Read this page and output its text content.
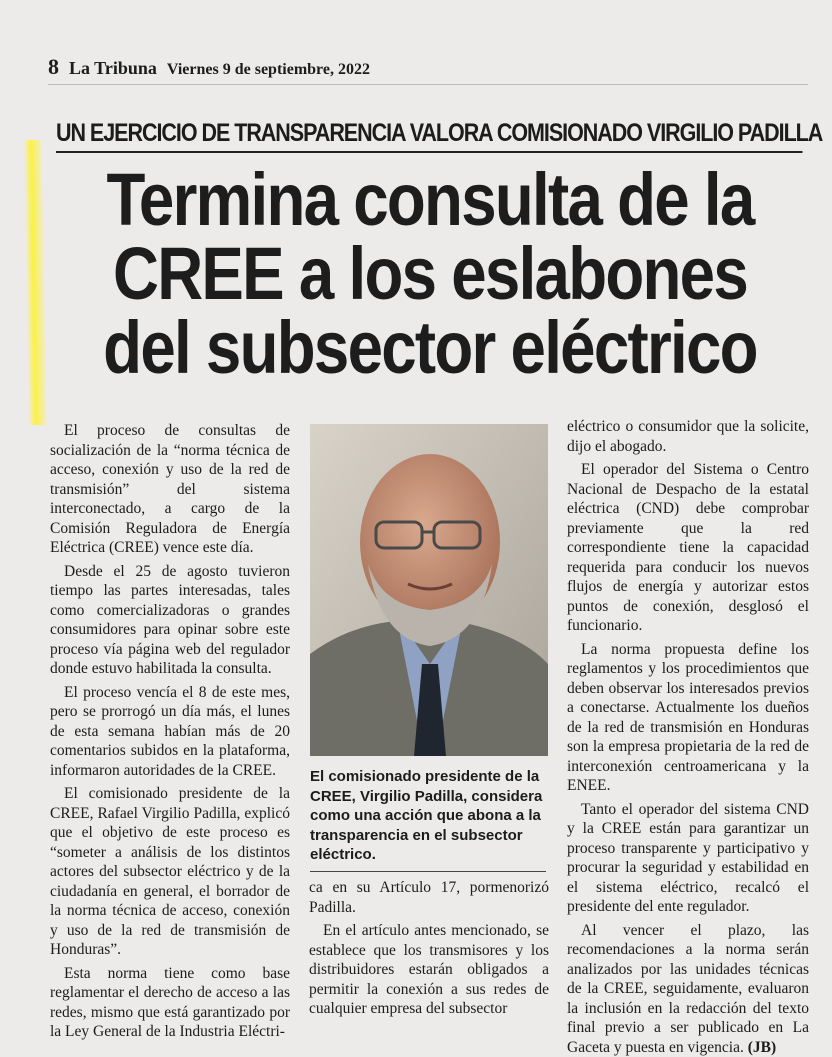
8 La Tribuna Viernes 9 de septiembre, 2022
UN EJERCICIO DE TRANSPARENCIA VALORA COMISIONADO VIRGILIO PADILLA
Termina consulta de la
CREE a los eslabones
del subsector eléctrico

El proceso de consultas de socialización de la “norma técnica de acceso, conexión y uso de la red de transmisión” del sistema interconectado, a cargo de la Comisión Reguladora de Energía Eléctrica (CREE) vence este día.

Desde el 25 de agosto tuvieron tiempo las partes interesadas, tales como comercializadoras o grandes consumidores para opinar sobre este proceso vía página web del regulador donde estuvo habilitada la consulta.

El proceso vencía el 8 de este mes, pero se prorrogó un día más, el lunes de esta semana habían más de 20 comentarios subidos en la plataforma, informaron autoridades de la CREE.

El comisionado presidente de la CREE, Rafael Virgilio Padilla, explicó que el objetivo de este proceso es “someter a análisis de los distintos actores del subsector eléctrico y de la ciudadanía en general, el borrador de la norma técnica de acceso, conexión y uso de la red de transmisión de Honduras”.

Esta norma tiene como base reglamentar el derecho de acceso a las redes, mismo que está garantizado por la Ley General de la Industria Eléctri-

El comisionado presidente de la CREE, Virgilio Padilla, considera como una acción que abona a la transparencia en el subsector eléctrico.

ca en su Artículo 17, pormenorizó Padilla.

En el artículo antes mencionado, se establece que los transmisores y los distribuidores estarán obligados a permitir la conexión a sus redes de cualquier empresa del subsector

eléctrico o consumidor que la solicite, dijo el abogado.

El operador del Sistema o Centro Nacional de Despacho de la estatal eléctrica (CND) debe comprobar previamente que la red correspondiente tiene la capacidad requerida para conducir los nuevos flujos de energía y autorizar estos puntos de conexión, desglosó el funcionario.

La norma propuesta define los reglamentos y los procedimientos que deben observar los interesados previos a conectarse. Actualmente los dueños de la red de transmisión en Honduras son la empresa propietaria de la red de interconexión centroamericana y la ENEE.

Tanto el operador del sistema CND y la CREE están para garantizar un proceso transparente y participativo y procurar la seguridad y estabilidad en el sistema eléctrico, recalcó el presidente del ente regulador.

Al vencer el plazo, las recomendaciones a la norma serán analizados por las unidades técnicas de la CREE, seguidamente, evaluaron la inclusión en la redacción del texto final previo a ser publicado en La Gaceta y puesta en vigencia. (JB)
